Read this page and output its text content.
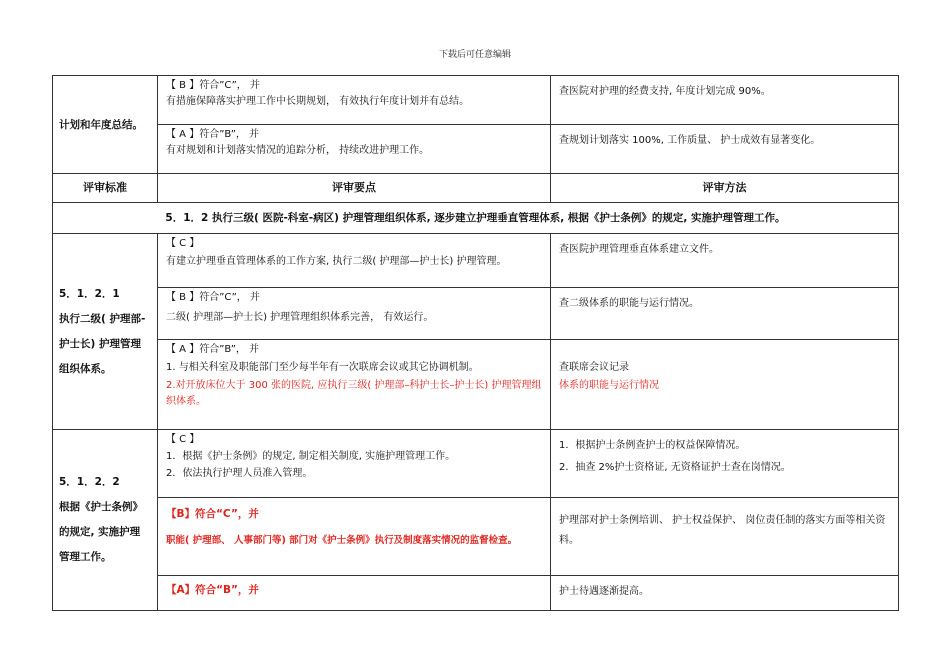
下载后可任意编辑
计划和年度总结。	【 B 】符合”C”， 并
有措施保障落实护理工作中长期规划， 有效执行年度计划并有总结。	查医院对护理的经费支持, 年度计划完成 90%。

	【 A 】符合”B”， 并
有对规划和计划落实情况的追踪分析， 持续改进护理工作。	查规划计划落实 100%, 工作质量、 护士成效有显著变化。

评审标准	评审要点	评审方法
5．1．2 执行三级( 医院-科室-病区) 护理管理组织体系, 逐步建立护理垂直管理体系, 根据《护士条例》的规定, 实施护理管理工作。		

5．1．2．1
执行二级( 护理部-
护士长) 护理管理
组织体系。	【 C 】
有建立护理垂直管理体系的工作方案, 执行二级( 护理部—护士长) 护理管理。	查医院护理管理垂直体系建立文件。

	【 B 】符合”C”， 并
二级( 护理部—护士长) 护理管理组织体系完善， 有效运行。	查二级体系的职能与运行情况。

	【 A 】符合”B”， 并
1. 与相关科室及职能部门至少每半年有一次联席会议或其它协调机制。
2.对开放床位大于 300 张的医院, 应执行三级( 护理部–科护士长–护士长) 护理管理组织体系。	查联席会议记录
体系的职能与运行情况

5．1．2．2
根据《护士条例》
的规定, 实施护理
管理工作。	【 C 】
1．根据《护士条例》的规定, 制定相关制度, 实施护理管理工作。
2．依法执行护理人员准入管理。	1．根据护士条例查护士的权益保障情况。
2．抽查 2%护士资格证, 无资格证护士查在岗情况。

	【B】符合“C”，并
职能( 护理部、 人事部门等) 部门对《护士条例》执行及制度落实情况的监督检查。	护理部对护士条例培训、 护士权益保护、 岗位责任制的落实方面等相关资料。

	【A】符合“B”，并	护士待遇逐渐提高。
